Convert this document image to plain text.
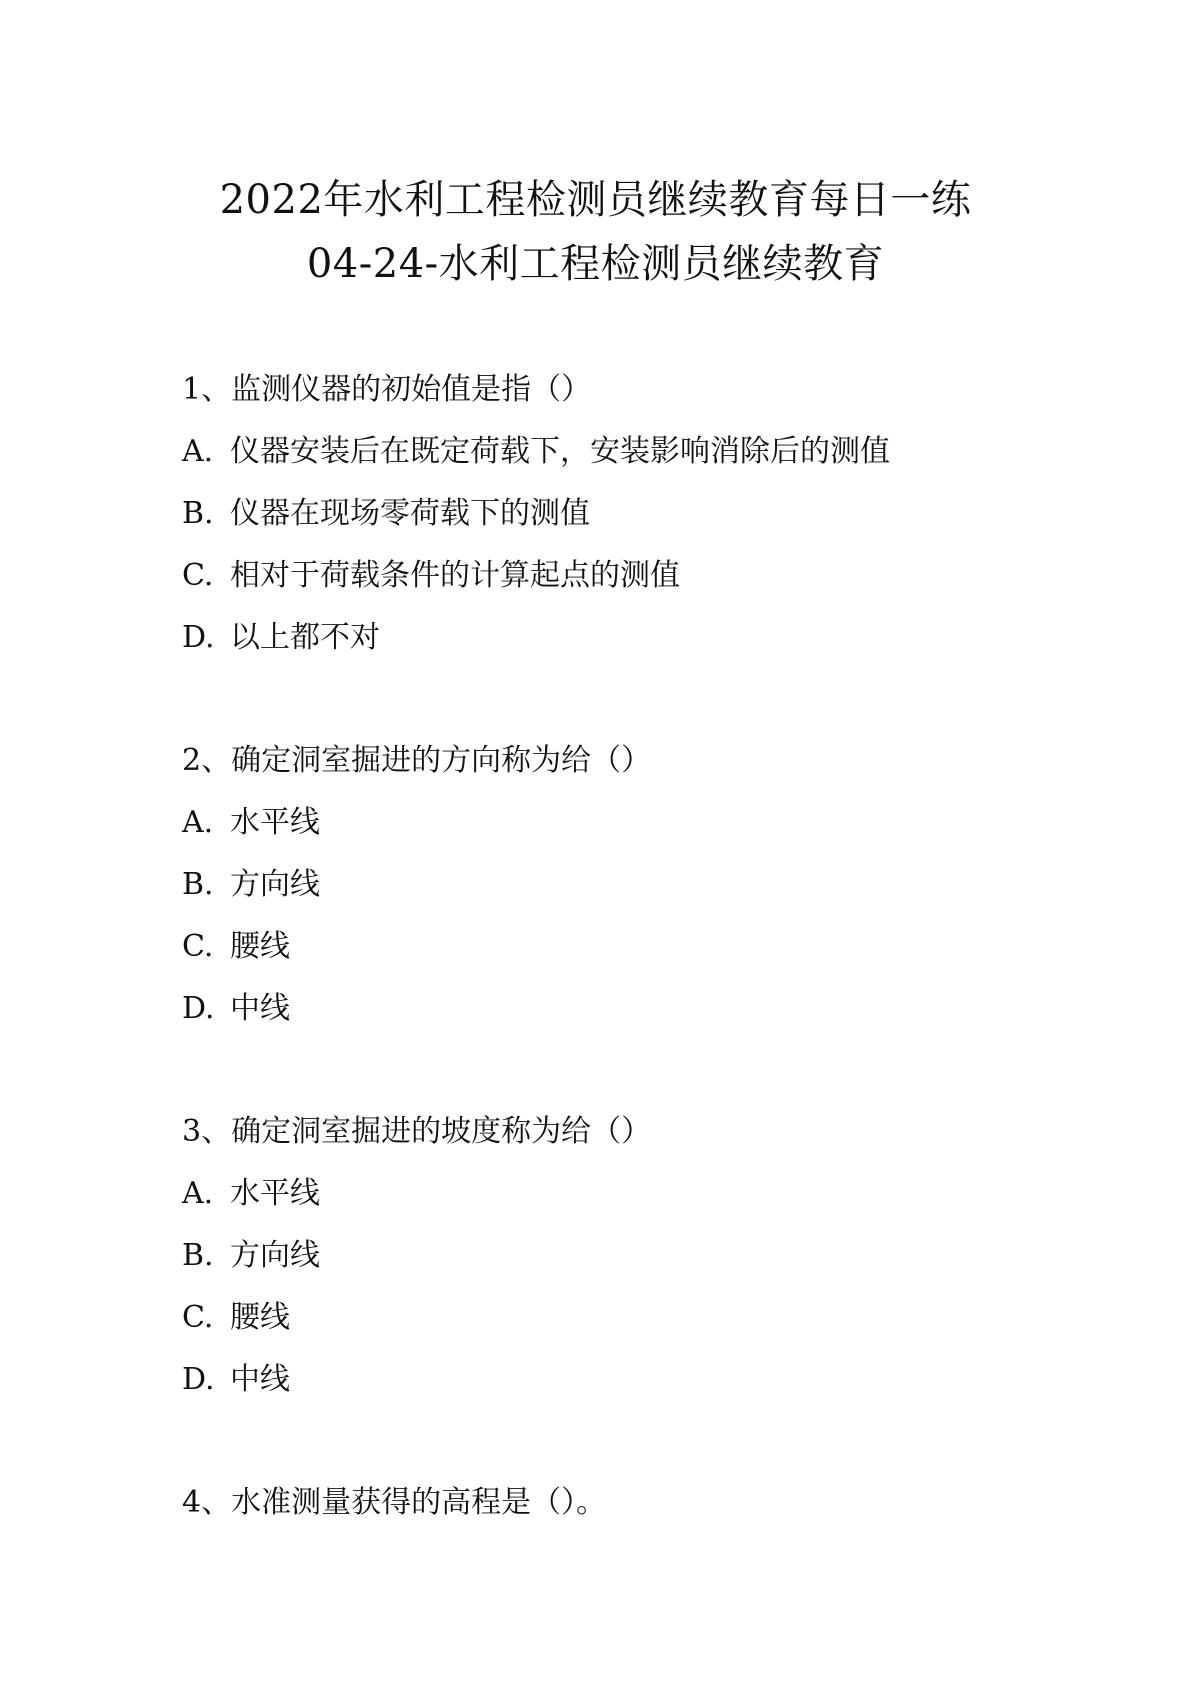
2022年水利工程检测员继续教育每日一练
04-24-水利工程检测员继续教育
1、监测仪器的初始值是指（）
A. 仪器安装后在既定荷载下，安装影响消除后的测值
B. 仪器在现场零荷载下的测值
C. 相对于荷载条件的计算起点的测值
D. 以上都不对
2、确定洞室掘进的方向称为给（）
A. 水平线
B. 方向线
C. 腰线
D. 中线
3、确定洞室掘进的坡度称为给（）
A. 水平线
B. 方向线
C. 腰线
D. 中线
4、水准测量获得的高程是（）。
